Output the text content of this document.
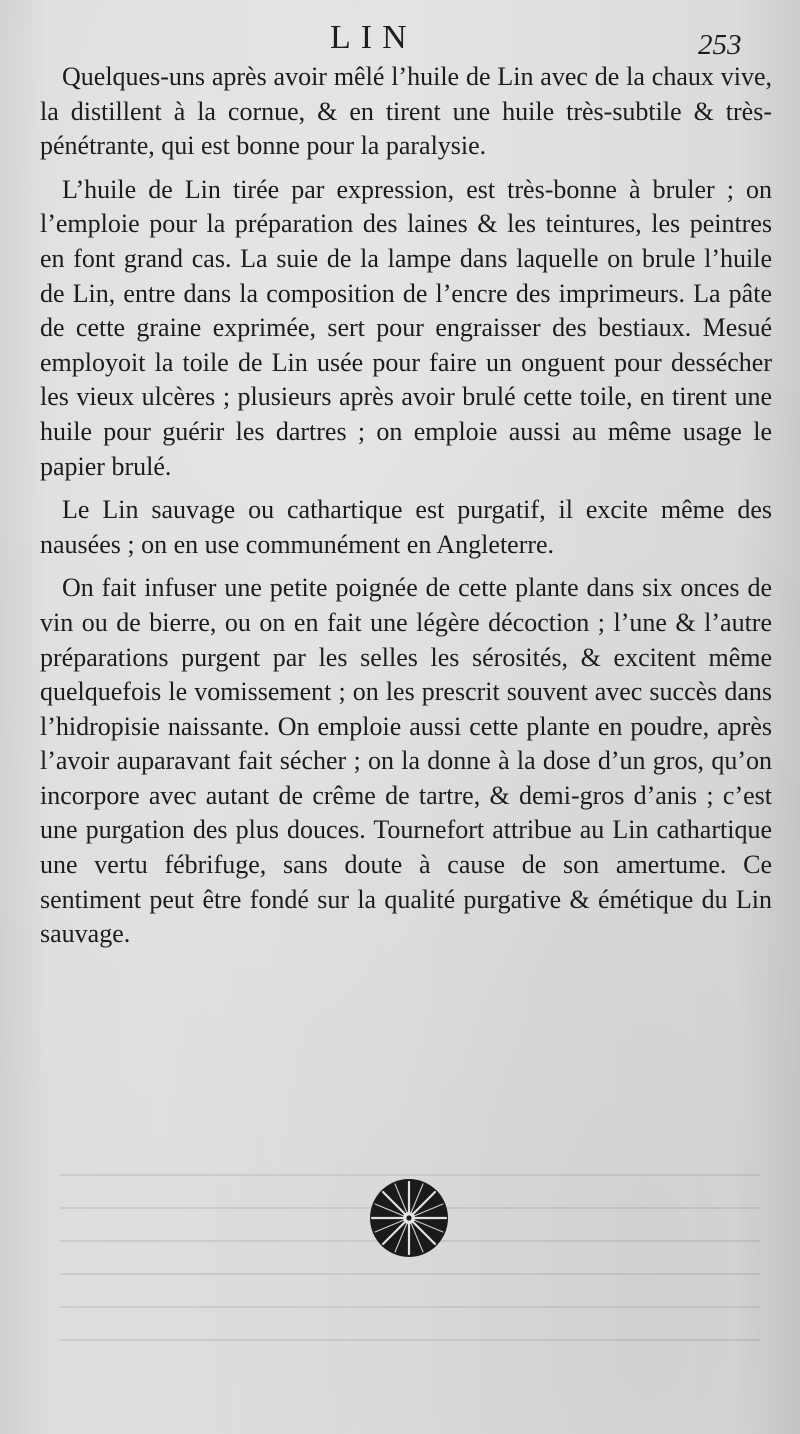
LIN	253

Quelques-uns après avoir mêlé l’huile de Lin avec de la chaux vive, la distillent à la cornue, & en tirent une huile très-subtile & très-pénétrante, qui est bonne pour la paralysie.

L’huile de Lin tirée par expression, est très-bonne à bruler ; on l’emploie pour la préparation des laines & les teintures, les peintres en font grand cas. La suie de la lampe dans laquelle on brule l’huile de Lin, entre dans la composition de l’encre des imprimeurs. La pâte de cette graine exprimée, sert pour engraisser des bestiaux. Mesué employoit la toile de Lin usée pour faire un onguent pour dessécher les vieux ulcères ; plusieurs après avoir brulé cette toile, en tirent une huile pour guérir les dartres ; on emploie aussi au même usage le papier brulé.

Le Lin sauvage ou cathartique est purgatif, il excite même des nausées ; on en use communément en Angleterre.

On fait infuser une petite poignée de cette plante dans six onces de vin ou de bierre, ou on en fait une légère décoction ; l’une & l’autre préparations purgent par les selles les sérosités, & excitent même quelquefois le vomissement ; on les prescrit souvent avec succès dans l’hidropisie naissante. On emploie aussi cette plante en poudre, après l’avoir auparavant fait sécher ; on la donne à la dose d’un gros, qu’on incorpore avec autant de crême de tartre, & demi-gros d’anis ; c’est une purgation des plus douces. Tournefort attribue au Lin cathartique une vertu fébrifuge, sans doute à cause de son amertume. Ce sentiment peut être fondé sur la qualité purgative & émétique du Lin sauvage.
